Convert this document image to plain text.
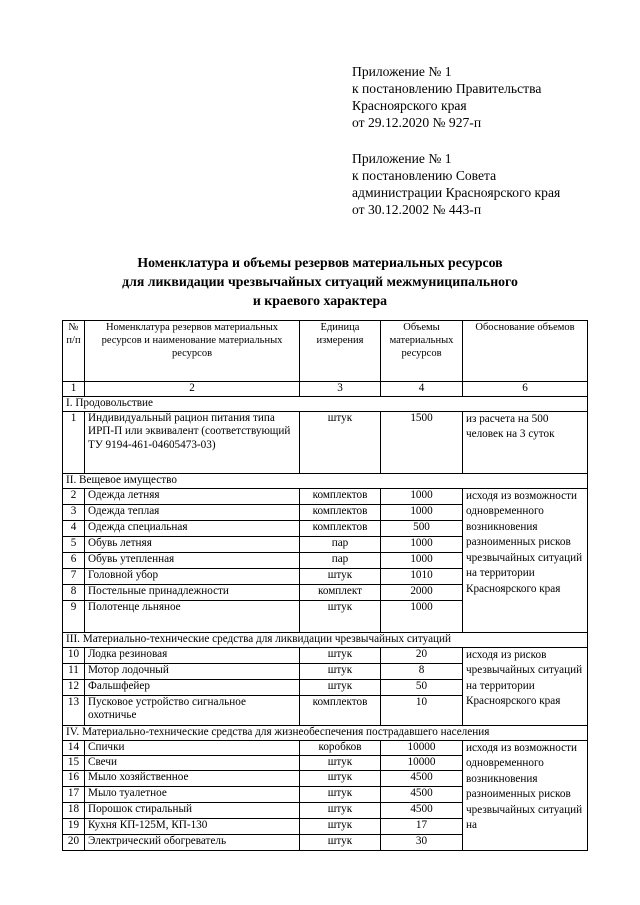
Приложение № 1
к постановлению Правительства
Красноярского края
от 29.12.2020 № 927-п
Приложение № 1
к постановлению Совета
администрации Красноярского края
от 30.12.2002 № 443-п
Номенклатура и объемы резервов материальных ресурсов
для ликвидации чрезвычайных ситуаций межмуниципального
и краевого характера
№ п/п	Номенклатура резервов материальных ресурсов и наименование материальных ресурсов	Единица измерения	Объемы материальных ресурсов	Обоснование объемов
1	2	3	4	6
I. Продовольствие				
1	Индивидуальный рацион питания типа ИРП-П или эквивалент (соответствующий ТУ 9194-461-04605473-03)	штук	1500	из расчета на 500 человек на 3 суток
II. Вещевое имущество				
2	Одежда летняя	комплектов	1000	исходя из возможности одновременного возникновения разноименных рисков чрезвычайных ситуаций на территории Красноярского края
3	Одежда теплая	комплектов	1000	
4	Одежда специальная	комплектов	500	
5	Обувь летняя	пар	1000	
6	Обувь утепленная	пар	1000	
7	Головной убор	штук	1010	
8	Постельные принадлежности	комплект	2000	
9	Полотенце льняное	штук	1000	
III. Материально-технические средства для ликвидации чрезвычайных ситуаций				
10	Лодка резиновая	штук	20	исходя из рисков чрезвычайных ситуаций на территории Красноярского края
11	Мотор лодочный	штук	8	
12	Фальшфейер	штук	50	
13	Пусковое устройство сигнальное охотничье	комплектов	10	
IV. Материально-технические средства для жизнеобеспечения пострадавшего населения				
14	Спички	коробков	10000	исходя из возможности одновременного возникновения разноименных рисков чрезвычайных ситуаций на
15	Свечи	штук	10000	
16	Мыло хозяйственное	штук	4500	
17	Мыло туалетное	штук	4500	
18	Порошок стиральный	штук	4500	
19	Кухня КП-125М, КП-130	штук	17	
20	Электрический обогреватель	штук	30	
